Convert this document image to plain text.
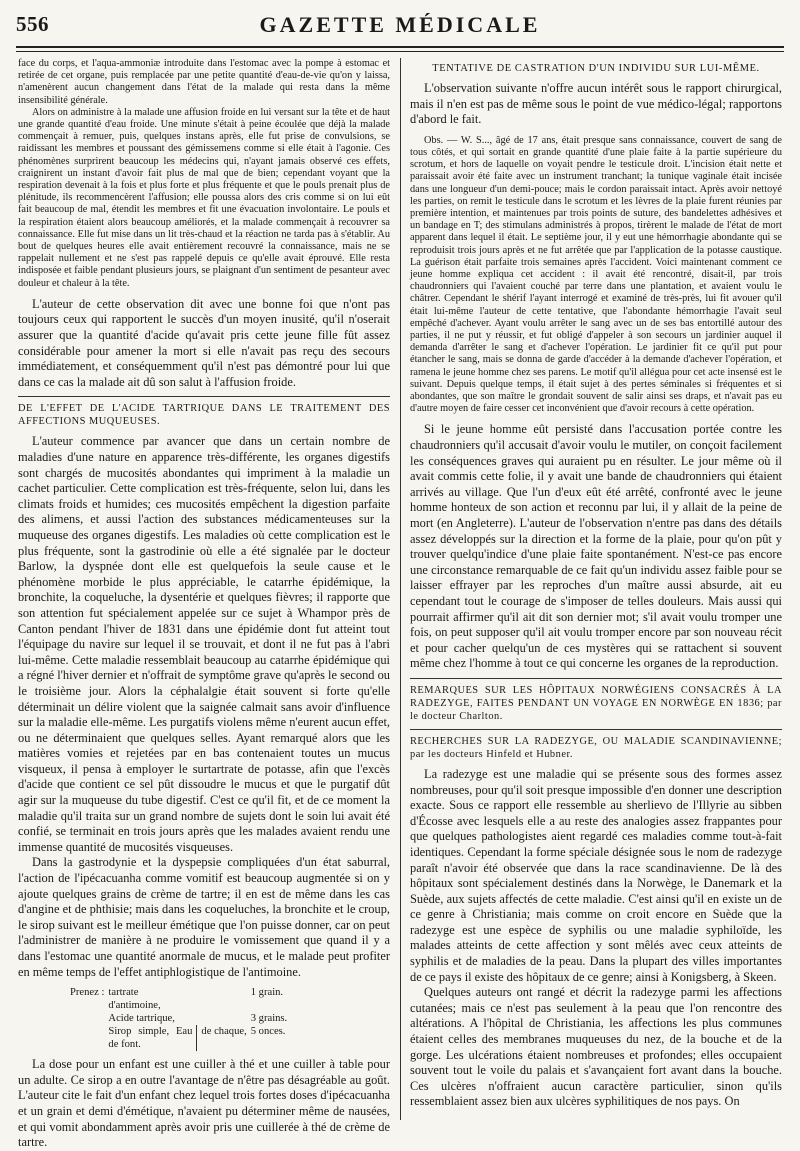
556	GAZETTE MÉDICALE

face du corps, et l'aqua-ammoniæ introduite dans l'estomac avec la pompe à estomac et retirée de cet organe, puis remplacée par une petite quantité d'eau-de-vie qu'on y laissa, n'amenèrent aucun changement dans l'état de la malade qui resta dans la même insensibilité générale.

Alors on administre à la malade une affusion froide en lui versant sur la tête et de haut une grande quantité d'eau froide. Une minute s'était à peine écoulée que déjà la malade commençait à remuer, puis, quelques instans après, elle fut prise de convulsions, se raidissant les membres et poussant des gémissemens comme si elle était à l'agonie. Ces phénomènes surprirent beaucoup les médecins qui, n'ayant jamais observé ces effets, craignirent un instant d'avoir fait plus de mal que de bien; cependant voyant que la respiration devenait à la fois et plus forte et plus fréquente et que le pouls prenait plus de plénitude, ils recommencèrent l'affusion; elle poussa alors des cris comme si on lui eût fait beaucoup de mal, étendit les membres et fit une évacuation involontaire. Le pouls et la respiration étaient alors beaucoup améliorés, et la malade commençait à recouvrer sa connaissance. Elle fut mise dans un lit très-chaud et la réaction ne tarda pas à s'établir. Au bout de quelques heures elle avait entièrement recouvré la connaissance, mais ne se rappelait nullement et ne s'est pas rappelé depuis ce qu'elle avait éprouvé. Elle resta indisposée et faible pendant plusieurs jours, se plaignant d'un sentiment de pesanteur avec douleur et chaleur à la tête.

L'auteur de cette observation dit avec une bonne foi que n'ont pas toujours ceux qui rapportent le succès d'un moyen inusité, qu'il n'oserait assurer que la quantité d'acide qu'avait pris cette jeune fille fût assez considérable pour amener la mort si elle n'avait pas reçu des secours immédiatement, et conséquemment qu'il n'est pas démontré pour lui que dans ce cas la malade ait dû son salut à l'affusion froide.

DE L'EFFET DE L'ACIDE TARTRIQUE DANS LE TRAITEMENT DES AFFECTIONS MUQUEUSES.

L'auteur commence par avancer que dans un certain nombre de maladies d'une nature en apparence très-différente, les organes digestifs sont chargés de mucosités abondantes qui impriment à la maladie un cachet particulier. Cette complication est très-fréquente, selon lui, dans les climats froids et humides; ces mucosités empêchent la digestion parfaite des alimens, et aussi l'action des substances médicamenteuses sur la muqueuse des organes digestifs. Les maladies où cette complication est le plus fréquente, sont la gastrodinie où elle a été signalée par le docteur Barlow, la dyspnée dont elle est quelquefois la seule cause et le phénomène morbide le plus appréciable, le catarrhe épidémique, la bronchite, la coqueluche, la dysentérie et quelques fièvres; il rapporte que son attention fut spécialement appelée sur ce sujet à Whampor près de Canton pendant l'hiver de 1831 dans une épidémie dont fut atteint tout l'équipage du navire sur lequel il se trouvait, et dont il ne fut pas à l'abri lui-même. Cette maladie ressemblait beaucoup au catarrhe épidémique qui a régné l'hiver dernier et n'offrait de symptôme grave qu'après le second ou le troisième jour. Alors la céphalalgie était souvent si forte qu'elle déterminait un délire violent que la saignée calmait sans avoir d'influence sur la maladie elle-même. Les purgatifs violens même n'eurent aucun effet, ou ne déterminaient que quelques selles. Ayant remarqué alors que les matières vomies et rejetées par en bas contenaient toutes un mucus visqueux, il pensa à employer le surtartrate de potasse, afin que l'excès d'acide que contient ce sel pût dissoudre le mucus et que le purgatif dût agir sur la muqueuse du tube digestif. C'est ce qu'il fit, et de ce moment la maladie qu'il traita sur un grand nombre de sujets dont le soin lui avait été confié, se terminait en trois jours après que les malades avaient rendu une immense quantité de mucosités visqueuses.

Dans la gastrodynie et la dyspepsie compliquées d'un état saburral, l'action de l'ipécacuanha comme vomitif est beaucoup augmentée si on y ajoute quelques grains de crème de tartre; il en est de même dans les cas d'angine et de phthisie; mais dans les coqueluches, la bronchite et le croup, le sirop suivant est le meilleur émétique que l'on puisse donner, car on peut l'administrer de manière à ne produire le vomissement que quand il y a dans l'estomac une quantité anormale de mucus, et le malade peut profiter en même temps de l'effet antiphlogistique de l'antimoine.

Prenez :	tartrate d'antimoine,		1 grain.
	Acide tartrique,		3 grains.
	Sirop simple, Eau de font.	de chaque,	5 onces.

La dose pour un enfant est une cuiller à thé et une cuiller à table pour un adulte. Ce sirop a en outre l'avantage de n'être pas désagréable au goût. L'auteur cite le fait d'un enfant chez lequel trois fortes doses d'ipécacuanha et un grain et demi d'émétique, n'avaient pu déterminer même de nausées, et qui vomit abondamment après avoir pris une cuillerée à thé de crème de tartre.

TENTATIVE DE CASTRATION D'UN INDIVIDU SUR LUI-MÊME.

L'observation suivante n'offre aucun intérêt sous le rapport chirurgical, mais il n'en est pas de même sous le point de vue médico-légal; rapportons d'abord le fait.

Obs. — W. S..., âgé de 17 ans, était presque sans connaissance, couvert de sang de tous côtés, et qui sortait en grande quantité d'une plaie faite à la partie supérieure du scrotum, et hors de laquelle on voyait pendre le testicule droit. L'incision était nette et paraissait avoir été faite avec un instrument tranchant; la tunique vaginale était incisée dans une longueur d'un demi-pouce; mais le cordon paraissait intact. Après avoir nettoyé les parties, on remit le testicule dans le scrotum et les lèvres de la plaie furent réunies par première intention, et maintenues par trois points de suture, des bandelettes adhésives et un bandage en T; des stimulans administrés à propos, tirèrent le malade de l'état de mort apparent dans lequel il était. Le septième jour, il y eut une hémorrhagie abondante qui se reproduisit trois jours après et ne fut arrêtée que par l'application de la potasse caustique. La guérison était parfaite trois semaines après l'accident. Voici maintenant comment ce jeune homme expliqua cet accident : il avait été rencontré, disait-il, par trois chaudronniers qui l'avaient couché par terre dans une plantation, et avaient voulu le châtrer. Cependant le shérif l'ayant interrogé et examiné de très-près, lui fit avouer qu'il était lui-même l'auteur de cette tentative, que l'abondante hémorrhagie l'avait seul empêché d'achever. Ayant voulu arrêter le sang avec un de ses bas entortillé autour des parties, il ne put y réussir, et fut obligé d'appeler à son secours un jardinier auquel il demanda d'arrêter le sang et d'achever l'opération. Le jardinier fit ce qu'il put pour étancher le sang, mais se donna de garde d'accéder à la demande d'achever l'opération, et ramena le jeune homme chez ses parens. Le motif qu'il allégua pour cet acte insensé est le suivant. Depuis quelque temps, il était sujet à des pertes séminales si fréquentes et si abondantes, que son maître le grondait souvent de salir ainsi ses draps, et n'avait pas eu d'autre moyen de faire cesser cet inconvénient que d'avoir recours à cette opération.

Si le jeune homme eût persisté dans l'accusation portée contre les chaudronniers qu'il accusait d'avoir voulu le mutiler, on conçoit facilement les conséquences graves qui auraient pu en résulter. Le jour même où il avait commis cette folie, il y avait une bande de chaudronniers qui étaient arrivés au village. Que l'un d'eux eût été arrêté, confronté avec le jeune homme honteux de son action et reconnu par lui, il y allait de la peine de mort (en Angleterre). L'auteur de l'observation n'entre pas dans des détails assez développés sur la direction et la forme de la plaie, pour qu'on pût y trouver quelqu'indice d'une plaie faite spontanément. N'est-ce pas encore une circonstance remarquable de ce fait qu'un individu assez faible pour se laisser effrayer par les reproches d'un maître aussi absurde, ait eu cependant tout le courage de s'imposer de telles douleurs. Mais aussi qui pourrait affirmer qu'il ait dit son dernier mot; s'il avait voulu tromper une fois, on peut supposer qu'il ait voulu tromper encore par son nouveau récit et pour cacher quelqu'un de ces mystères qui se rattachent si souvent même chez l'homme à tout ce qui concerne les organes de la reproduction.

REMARQUES SUR LES HÔPITAUX NORWÉGIENS CONSACRÉS À LA RADEZYGE, FAITES PENDANT UN VOYAGE EN NORWÈGE EN 1836; par le docteur Charlton.

RECHERCHES SUR LA RADEZYGE, OU MALADIE SCANDINAVIENNE; par les docteurs Hinfeld et Hubner.

La radezyge est une maladie qui se présente sous des formes assez nombreuses, pour qu'il soit presque impossible d'en donner une description exacte. Sous ce rapport elle ressemble au sherlievo de l'Illyrie au sibben d'Écosse avec lesquels elle a au reste des analogies assez frappantes pour que quelques pathologistes aient regardé ces maladies comme tout-à-fait identiques. Cependant la forme spéciale désignée sous le nom de radezyge paraît n'avoir été observée que dans la race scandinavienne. De là des hôpitaux sont spécialement destinés dans la Norwège, le Danemark et la Suède, aux sujets affectés de cette maladie. C'est ainsi qu'il en existe un de ce genre à Christiania; mais comme on croit encore en Suède que la radezyge est une espèce de syphilis ou une maladie syphiloïde, les malades atteints de cette affection y sont mêlés avec ceux atteints de syphilis et de maladies de la peau. Dans la plupart des villes importantes de ce pays il existe des hôpitaux de ce genre; ainsi à Konigsberg, à Skeen.

Quelques auteurs ont rangé et décrit la radezyge parmi les affections cutanées; mais ce n'est pas seulement à la peau que l'on rencontre des altérations. A l'hôpital de Christiania, les affections les plus communes étaient celles des membranes muqueuses du nez, de la bouche et de la gorge. Les ulcérations étaient nombreuses et profondes; elles occupaient souvent tout le voile du palais et s'avançaient fort avant dans la bouche. Ces ulcères n'offraient aucun caractère particulier, sinon qu'ils ressemblaient assez bien aux ulcères syphilitiques de nos pays. On
